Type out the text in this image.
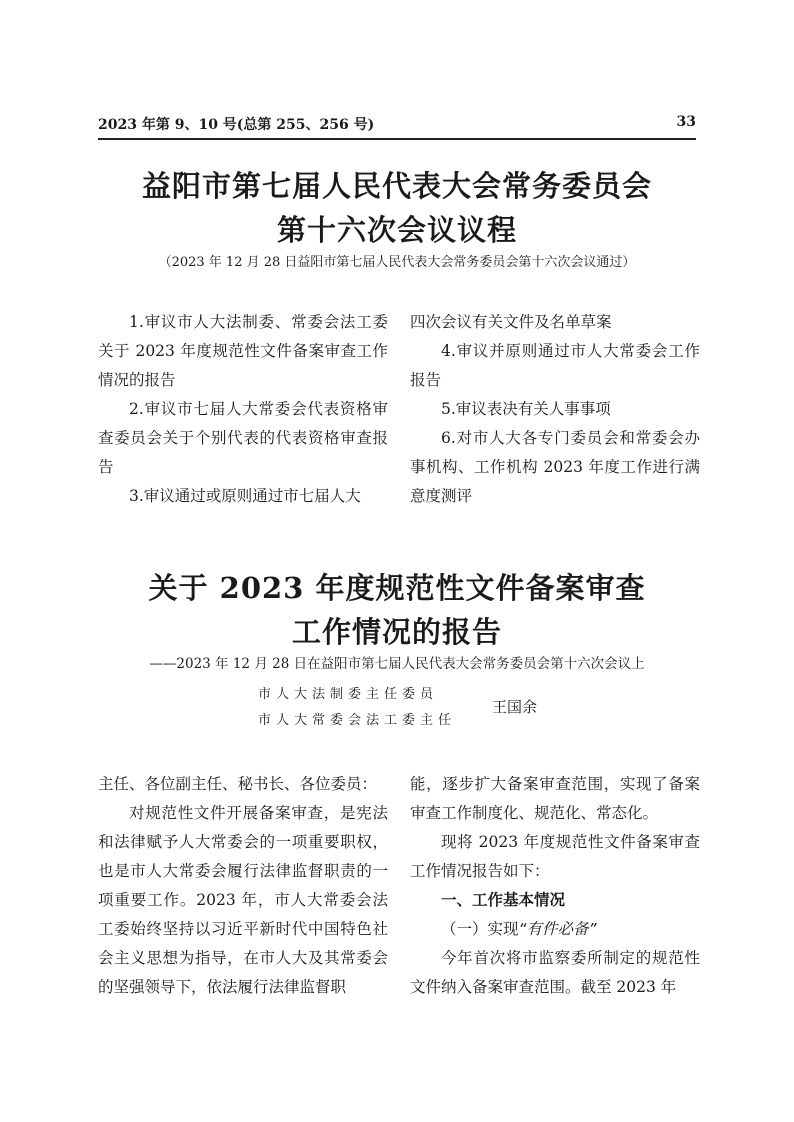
2023 年第 9、10 号(总第 255、256 号)	33
益阳市第七届人民代表大会常务委员会
第十六次会议议程
（2023 年 12 月 28 日益阳市第七届人民代表大会常务委员会第十六次会议通过）

1.审议市人大法制委、常委会法工委关于 2023 年度规范性文件备案审查工作情况的报告

2.审议市七届人大常委会代表资格审查委员会关于个别代表的代表资格审查报告

3.审议通过或原则通过市七届人大

四次会议有关文件及名单草案

4.审议并原则通过市人大常委会工作报告

5.审议表决有关人事事项

6.对市人大各专门委员会和常委会办事机构、工作机构 2023 年度工作进行满意度测评

关于 2023 年度规范性文件备案审查
工作情况的报告
——2023 年 12 月 28 日在益阳市第七届人民代表大会常务委员会第十六次会议上
市人大法制委主任委员
市人大常委会法工委主任
王国余

主任、各位副主任、秘书长、各位委员：

对规范性文件开展备案审查，是宪法和法律赋予人大常委会的一项重要职权，也是市人大常委会履行法律监督职责的一项重要工作。2023 年，市人大常委会法工委始终坚持以习近平新时代中国特色社会主义思想为指导，在市人大及其常委会的坚强领导下，依法履行法律监督职

能，逐步扩大备案审查范围，实现了备案审查工作制度化、规范化、常态化。

现将 2023 年度规范性文件备案审查工作情况报告如下：

一、工作基本情况

（一）实现“有件必备”

今年首次将市监察委所制定的规范性文件纳入备案审查范围。截至 2023 年
